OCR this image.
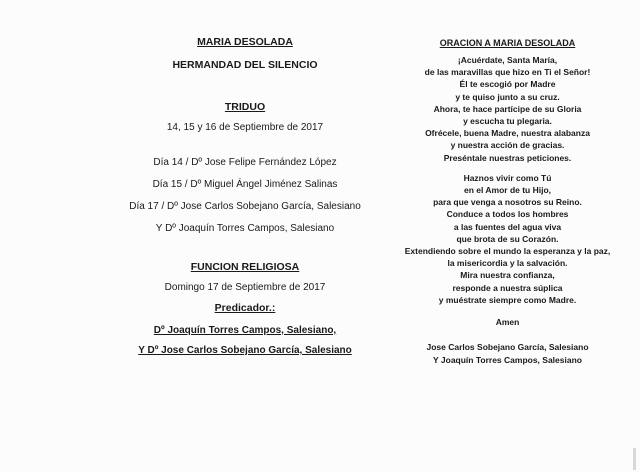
MARIA DESOLADA
HERMANDAD DEL SILENCIO
TRIDUO
14, 15 y 16 de Septiembre de 2017
Día 14 / Dº Jose Felipe Fernández López
Día 15 / Dº Miguel Ángel Jiménez Salinas
Día 17 / Dº Jose Carlos Sobejano García, Salesiano
Y Dº Joaquín Torres Campos, Salesiano
FUNCION RELIGIOSA
Domingo 17 de Septiembre de 2017
Predicador.:
Dº Joaquín Torres Campos, Salesiano,
Y Dº Jose Carlos Sobejano García, Salesiano
ORACION A MARIA DESOLADA
¡Acuérdate, Santa María,
de las maravillas que hizo en Ti el Señor!
Él te escogió por Madre
y te quiso junto a su cruz.
Ahora, te hace partícipe de su Gloria
y escucha tu plegaria.
Ofrécele, buena Madre, nuestra alabanza
y nuestra acción de gracias.
Preséntale nuestras peticiones.
Haznos vivir como Tú
en el Amor de tu Hijo,
para que venga a nosotros su Reino.
Conduce a todos los hombres
a las fuentes del agua viva
que brota de su Corazón.
Extendiendo sobre el mundo la esperanza y la paz,
la misericordia y la salvación.
Mira nuestra confianza,
responde a nuestra súplica
y muéstrate siempre como Madre.
Amen
Jose Carlos Sobejano García, Salesiano
Y Joaquín Torres Campos, Salesiano
